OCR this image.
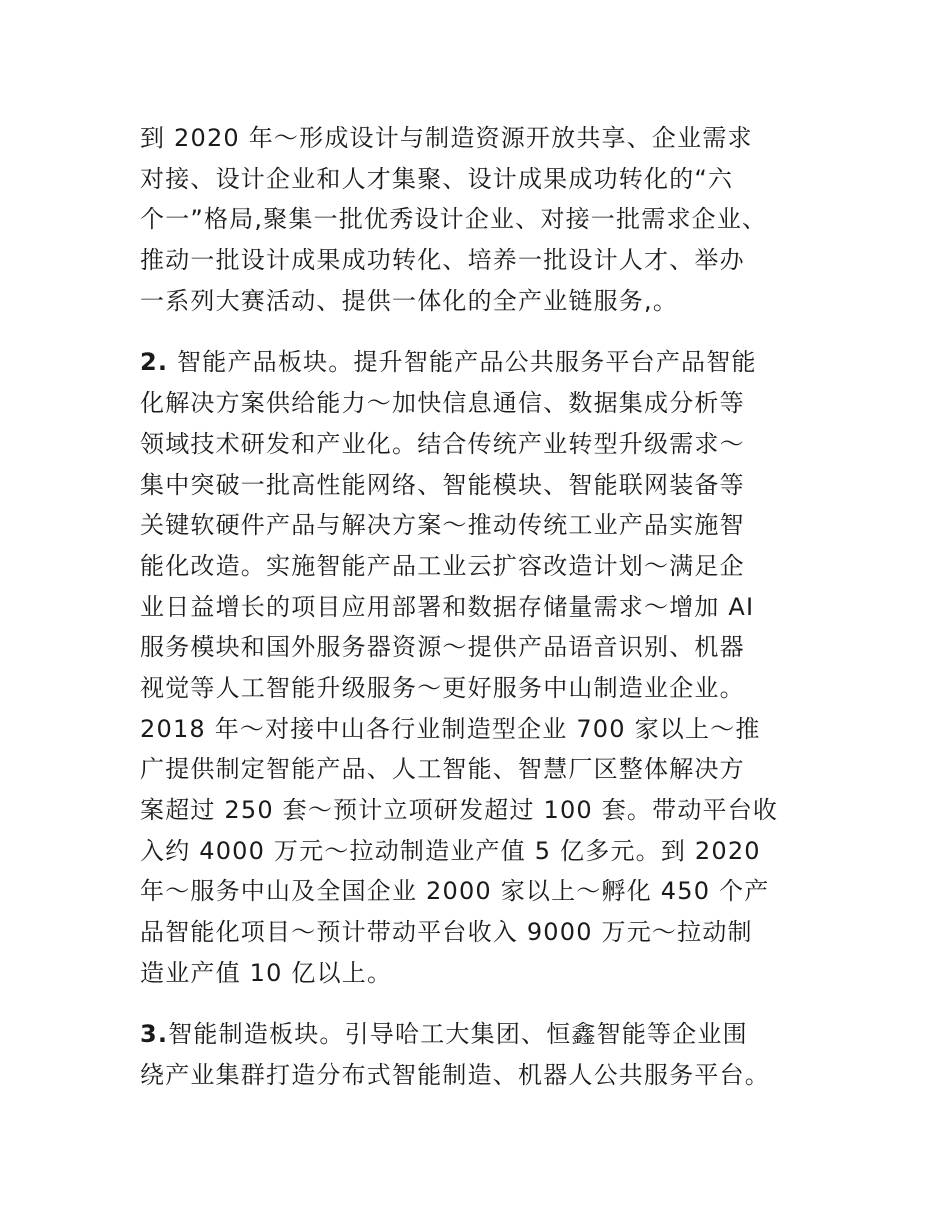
到 2020 年～形成设计与制造资源开放共享、企业需求
对接、设计企业和人才集聚、设计成果成功转化的“六
个一”格局,聚集一批优秀设计企业、对接一批需求企业、
推动一批设计成果成功转化、培养一批设计人才、举办
一系列大赛活动、提供一体化的全产业链服务,。

2. 智能产品板块。提升智能产品公共服务平台产品智能
化解决方案供给能力～加快信息通信、数据集成分析等
领域技术研发和产业化。结合传统产业转型升级需求～
集中突破一批高性能网络、智能模块、智能联网装备等
关键软硬件产品与解决方案～推动传统工业产品实施智
能化改造。实施智能产品工业云扩容改造计划～满足企
业日益增长的项目应用部署和数据存储量需求～增加 AI
服务模块和国外服务器资源～提供产品语音识别、机器
视觉等人工智能升级服务～更好服务中山制造业企业。
2018 年～对接中山各行业制造型企业 700 家以上～推
广提供制定智能产品、人工智能、智慧厂区整体解决方
案超过 250 套～预计立项研发超过 100 套。带动平台收
入约 4000 万元～拉动制造业产值 5 亿多元。到 2020
年～服务中山及全国企业 2000 家以上～孵化 450 个产
品智能化项目～预计带动平台收入 9000 万元～拉动制
造业产值 10 亿以上。

3.智能制造板块。引导哈工大集团、恒鑫智能等企业围
绕产业集群打造分布式智能制造、机器人公共服务平台。
